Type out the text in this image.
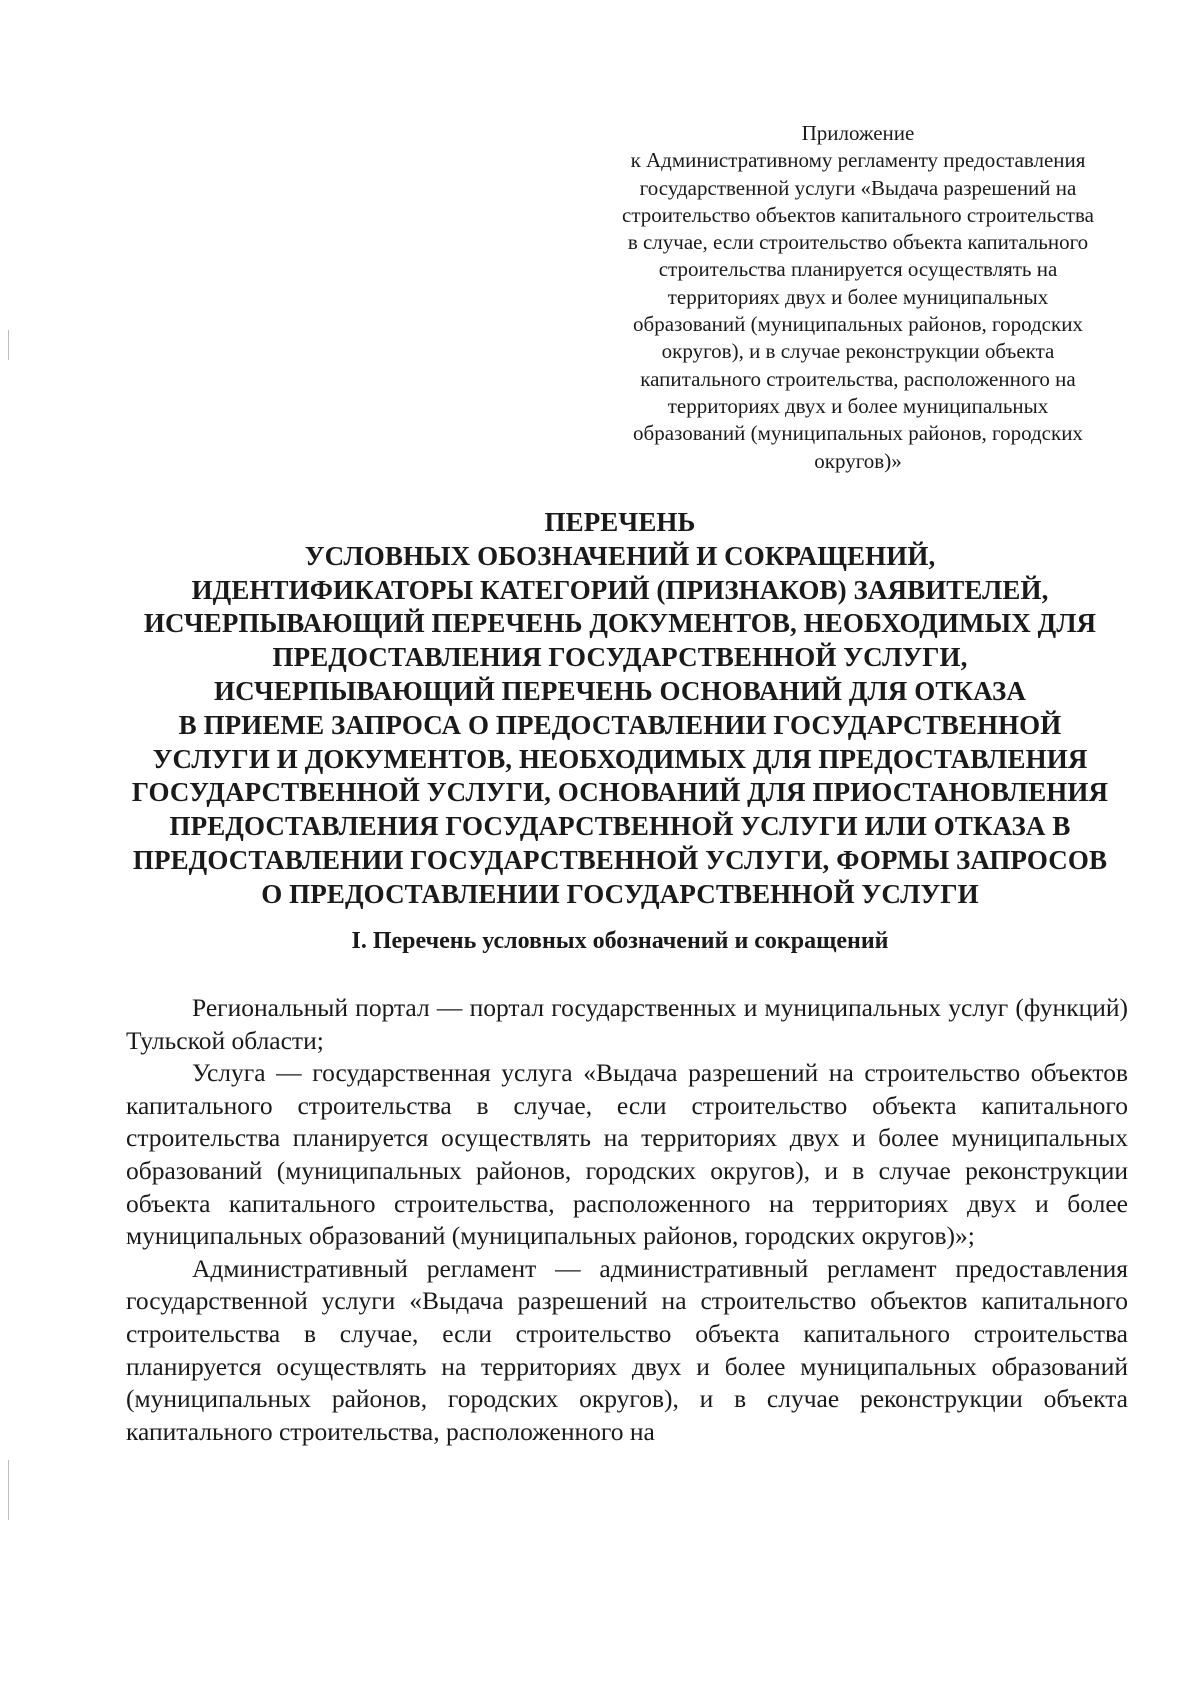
Приложение

к Административному регламенту предоставления

государственной услуги «Выдача разрешений на

строительство объектов капитального строительства

в случае, если строительство объекта капитального

строительства планируется осуществлять на

территориях двух и более муниципальных

образований (муниципальных районов, городских

округов), и в случае реконструкции объекта

капитального строительства, расположенного на

территориях двух и более муниципальных

образований (муниципальных районов, городских

округов)»

ПЕРЕЧЕНЬ

УСЛОВНЫХ ОБОЗНАЧЕНИЙ И СОКРАЩЕНИЙ,

ИДЕНТИФИКАТОРЫ КАТЕГОРИЙ (ПРИЗНАКОВ) ЗАЯВИТЕЛЕЙ,

ИСЧЕРПЫВАЮЩИЙ ПЕРЕЧЕНЬ ДОКУМЕНТОВ, НЕОБХОДИМЫХ ДЛЯ

ПРЕДОСТАВЛЕНИЯ ГОСУДАРСТВЕННОЙ УСЛУГИ,

ИСЧЕРПЫВАЮЩИЙ ПЕРЕЧЕНЬ ОСНОВАНИЙ ДЛЯ ОТКАЗА

В ПРИЕМЕ ЗАПРОСА О ПРЕДОСТАВЛЕНИИ ГОСУДАРСТВЕННОЙ

УСЛУГИ И ДОКУМЕНТОВ, НЕОБХОДИМЫХ ДЛЯ ПРЕДОСТАВЛЕНИЯ

ГОСУДАРСТВЕННОЙ УСЛУГИ, ОСНОВАНИЙ ДЛЯ ПРИОСТАНОВЛЕНИЯ

ПРЕДОСТАВЛЕНИЯ ГОСУДАРСТВЕННОЙ УСЛУГИ ИЛИ ОТКАЗА В

ПРЕДОСТАВЛЕНИИ ГОСУДАРСТВЕННОЙ УСЛУГИ, ФОРМЫ ЗАПРОСОВ

О ПРЕДОСТАВЛЕНИИ ГОСУДАРСТВЕННОЙ УСЛУГИ

I. Перечень условных обозначений и сокращений

Региональный портал — портал государственных и муниципальных услуг (функций) Тульской области;

Услуга — государственная услуга «Выдача разрешений на строительство объектов капитального строительства в случае, если строительство объекта капитального строительства планируется осуществлять на территориях двух и более муниципальных образований (муниципальных районов, городских округов), и в случае реконструкции объекта капитального строительства, расположенного на территориях двух и более муниципальных образований (муниципальных районов, городских округов)»;

Административный регламент — административный регламент предоставления государственной услуги «Выдача разрешений на строительство объектов капитального строительства в случае, если строительство объекта капитального строительства планируется осуществлять на территориях двух и более муниципальных образований (муниципальных районов, городских округов), и в случае реконструкции объекта капитального строительства, расположенного на
